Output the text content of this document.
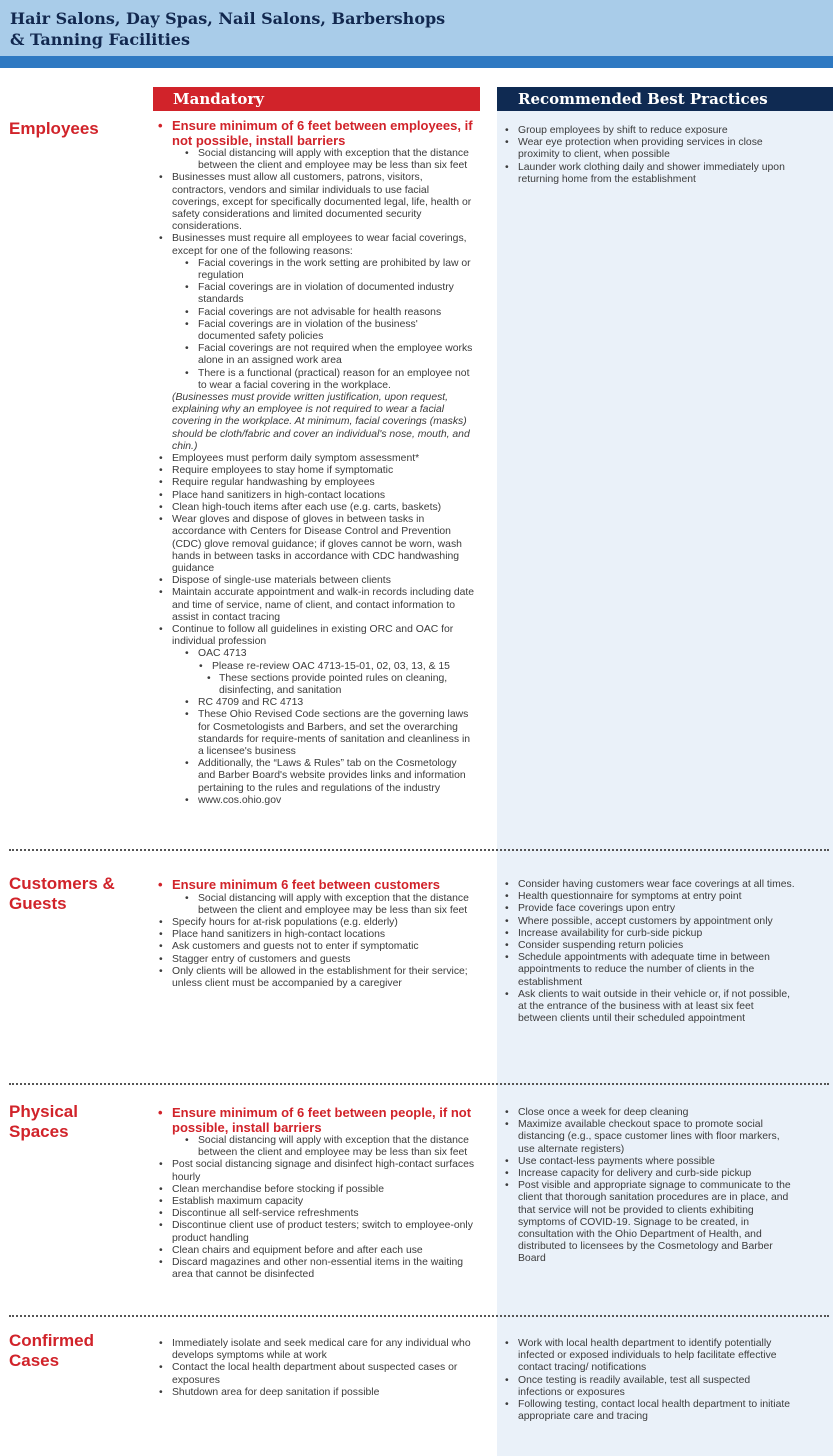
Hair Salons, Day Spas, Nail Salons, Barbershops
& Tanning Facilities
Mandatory	Recommended Best Practices
Employees
•	Ensure minimum of 6 feet between employees, if not possible, install barriers
• Social distancing will apply with exception that the distance between the client and employee may be less than six feet
• Businesses must allow all customers, patrons, visitors, contractors, vendors and similar individuals to use facial coverings, except for specifically documented legal, life, health or safety considerations and limited documented security considerations.
• Businesses must require all employees to wear facial coverings, except for one of the following reasons:
• Facial coverings in the work setting are prohibited by law or regulation
• Facial coverings are in violation of documented industry standards
• Facial coverings are not advisable for health reasons
• Facial coverings are in violation of the business' documented safety policies
• Facial coverings are not required when the employee works alone in an assigned work area
• There is a functional (practical) reason for an employee not to wear a facial covering in the workplace.
(Businesses must provide written justification, upon request, explaining why an employee is not required to wear a facial covering in the workplace. At minimum, facial coverings (masks) should be cloth/fabric and cover an individual's nose, mouth, and chin.)
• Employees must perform daily symptom assessment*
• Require employees to stay home if symptomatic
• Require regular handwashing by employees
• Place hand sanitizers in high-contact locations
• Clean high-touch items after each use (e.g. carts, baskets)
• Wear gloves and dispose of gloves in between tasks in accordance with Centers for Disease Control and Prevention (CDC) glove removal guidance; if gloves cannot be worn, wash hands in between tasks in accordance with CDC handwashing guidance
• Dispose of single-use materials between clients
• Maintain accurate appointment and walk-in records including date and time of service, name of client, and contact information to assist in contact tracing
• Continue to follow all guidelines in existing ORC and OAC for individual profession
• OAC 4713
• Please re-review OAC 4713-15-01, 02, 03, 13, & 15
• These sections provide pointed rules on cleaning, disinfecting, and sanitation
• RC 4709 and RC 4713
• These Ohio Revised Code sections are the governing laws for Cosmetologists and Barbers, and set the overarching standards for require-ments of sanitation and cleanliness in a licensee's business
• Additionally, the “Laws & Rules” tab on the Cosmetology and Barber Board's website provides links and information pertaining to the rules and regulations of the industry
• www.cos.ohio.gov
• Group employees by shift to reduce exposure
• Wear eye protection when providing services in close proximity to client, when possible
• Launder work clothing daily and shower immediately upon returning home from the establishment
Customers & Guests
• Ensure minimum 6 feet between customers
• Social distancing will apply with exception that the distance between the client and employee may be less than six feet
• Specify hours for at-risk populations (e.g. elderly)
• Place hand sanitizers in high-contact locations
• Ask customers and guests not to enter if symptomatic
• Stagger entry of customers and guests
• Only clients will be allowed in the establishment for their service; unless client must be accompanied by a caregiver
• Consider having customers wear face coverings at all times.
• Health questionnaire for symptoms at entry point
• Provide face coverings upon entry
• Where possible, accept customers by appointment only
• Increase availability for curb-side pickup
• Consider suspending return policies
• Schedule appointments with adequate time in between appointments to reduce the number of clients in the establishment
• Ask clients to wait outside in their vehicle or, if not possible, at the entrance of the business with at least six feet between clients until their scheduled appointment
Physical Spaces
• Ensure minimum of 6 feet between people, if not possible, install barriers
• Social distancing will apply with exception that the distance between the client and employee may be less than six feet
• Post social distancing signage and disinfect high-contact surfaces hourly
• Clean merchandise before stocking if possible
• Establish maximum capacity
• Discontinue all self-service refreshments
• Discontinue client use of product testers; switch to employee-only product handling
• Clean chairs and equipment before and after each use
• Discard magazines and other non-essential items in the waiting area that cannot be disinfected
• Close once a week for deep cleaning
• Maximize available checkout space to promote social distancing (e.g., space customer lines with floor markers, use alternate registers)
• Use contact-less payments where possible
• Increase capacity for delivery and curb-side pickup
• Post visible and appropriate signage to communicate to the client that thorough sanitation procedures are in place, and that service will not be provided to clients exhibiting symptoms of COVID-19. Signage to be created, in consultation with the Ohio Department of Health, and distributed to licensees by the Cosmetology and Barber Board
Confirmed Cases
• Immediately isolate and seek medical care for any individual who develops symptoms while at work
• Contact the local health department about suspected cases or exposures
• Shutdown area for deep sanitation if possible
• Work with local health department to identify potentially infected or exposed individuals to help facilitate effective contact tracing/ notifications
• Once testing is readily available, test all suspected infections or exposures
• Following testing, contact local health department to initiate appropriate care and tracing
